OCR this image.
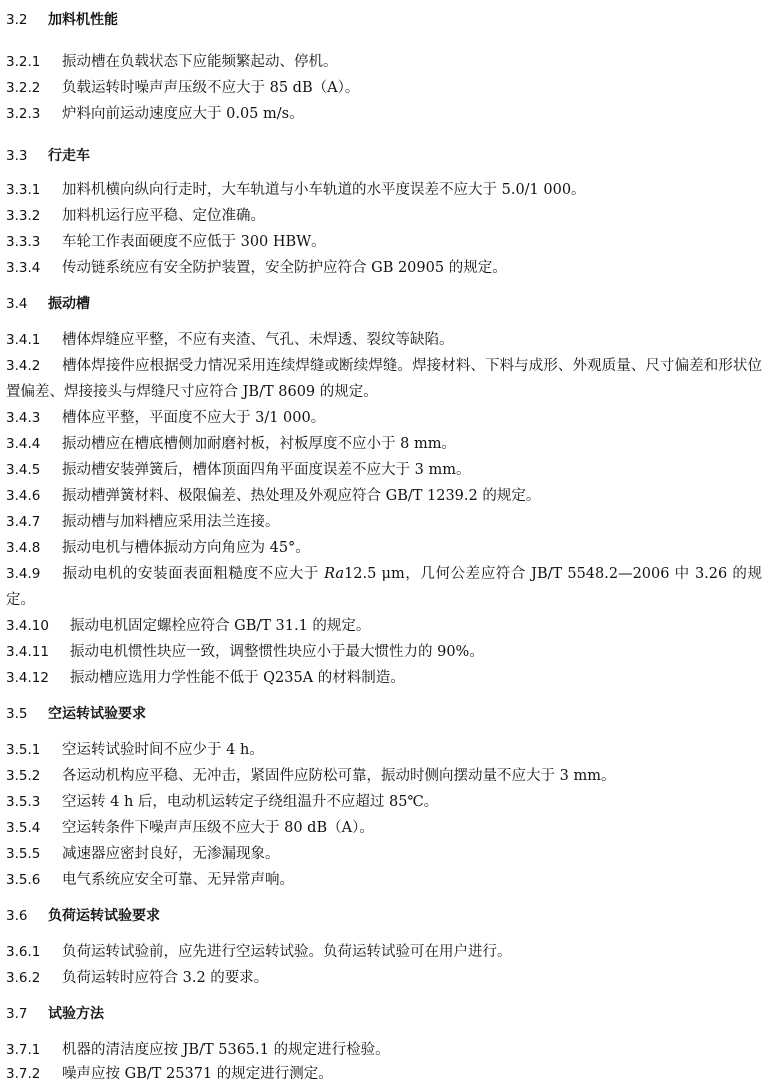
3.2 加料机性能
3.2.1 振动槽在负载状态下应能频繁起动、停机。
3.2.2 负载运转时噪声声压级不应大于 85 dB（A）。
3.2.3 炉料向前运动速度应大于 0.05 m/s。
3.3 行走车
3.3.1 加料机横向纵向行走时，大车轨道与小车轨道的水平度误差不应大于 5.0/1 000。
3.3.2 加料机运行应平稳、定位准确。
3.3.3 车轮工作表面硬度不应低于 300 HBW。
3.3.4 传动链系统应有安全防护装置，安全防护应符合 GB 20905 的规定。
3.4 振动槽
3.4.1 槽体焊缝应平整，不应有夹渣、气孔、未焊透、裂纹等缺陷。
3.4.2 槽体焊接件应根据受力情况采用连续焊缝或断续焊缝。焊接材料、下料与成形、外观质量、尺寸偏差和形状位置偏差、焊接接头与焊缝尺寸应符合 JB/T 8609 的规定。
3.4.3 槽体应平整，平面度不应大于 3/1 000。
3.4.4 振动槽应在槽底槽侧加耐磨衬板，衬板厚度不应小于 8 mm。
3.4.5 振动槽安装弹簧后，槽体顶面四角平面度误差不应大于 3 mm。
3.4.6 振动槽弹簧材料、极限偏差、热处理及外观应符合 GB/T 1239.2 的规定。
3.4.7 振动槽与加料槽应采用法兰连接。
3.4.8 振动电机与槽体振动方向角应为 45°。
3.4.9 振动电机的安装面表面粗糙度不应大于 Ra12.5 μm，几何公差应符合 JB/T 5548.2—2006 中 3.26 的规定。
3.4.10 振动电机固定螺栓应符合 GB/T 31.1 的规定。
3.4.11 振动电机惯性块应一致，调整惯性块应小于最大惯性力的 90%。
3.4.12 振动槽应选用力学性能不低于 Q235A 的材料制造。
3.5 空运转试验要求
3.5.1 空运转试验时间不应少于 4 h。
3.5.2 各运动机构应平稳、无冲击，紧固件应防松可靠，振动时侧向摆动量不应大于 3 mm。
3.5.3 空运转 4 h 后，电动机运转定子绕组温升不应超过 85℃。
3.5.4 空运转条件下噪声声压级不应大于 80 dB（A）。
3.5.5 减速器应密封良好，无渗漏现象。
3.5.6 电气系统应安全可靠、无异常声响。
3.6 负荷运转试验要求
3.6.1 负荷运转试验前，应先进行空运转试验。负荷运转试验可在用户进行。
3.6.2 负荷运转时应符合 3.2 的要求。
3.7 试验方法
3.7.1 机器的清洁度应按 JB/T 5365.1 的规定进行检验。
3.7.2 噪声应按 GB/T 25371 的规定进行测定。
